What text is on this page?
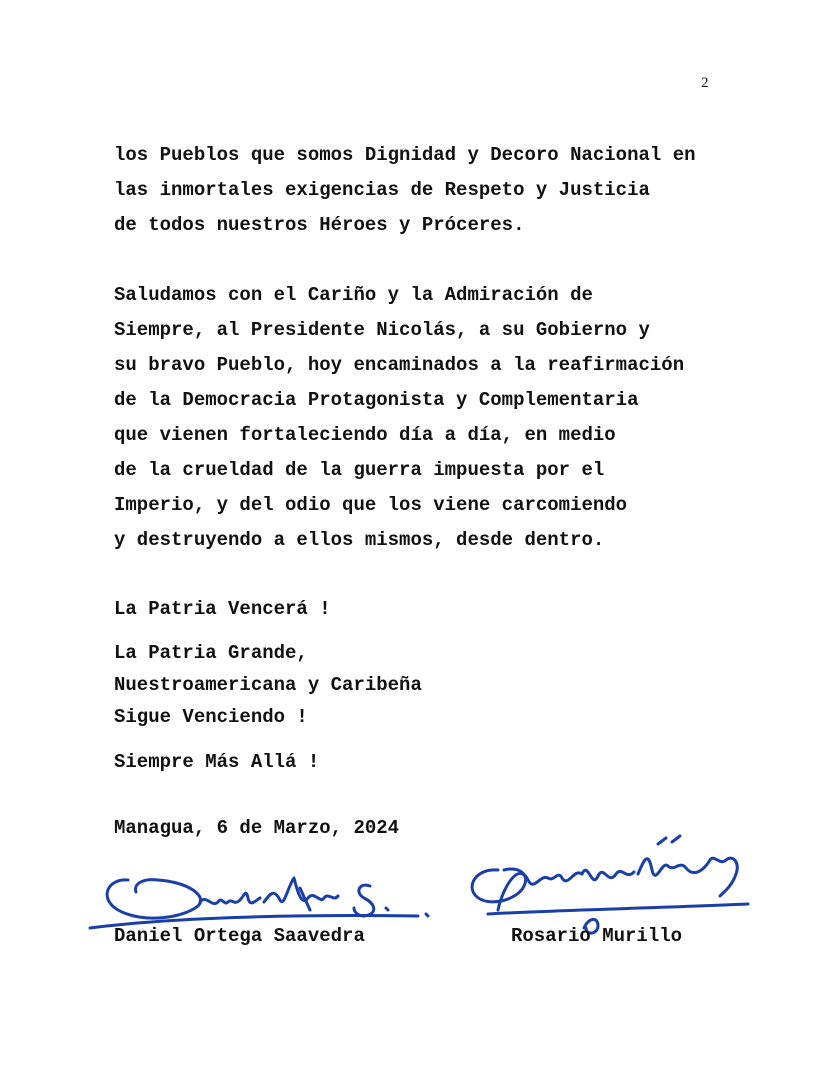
2

los Pueblos que somos Dignidad y Decoro Nacional en
las inmortales exigencias de Respeto y Justicia
de todos nuestros Héroes y Próceres.

Saludamos con el Cariño y la Admiración de
Siempre, al Presidente Nicolás, a su Gobierno y
su bravo Pueblo, hoy encaminados a la reafirmación
de la Democracia Protagonista y Complementaria
que vienen fortaleciendo día a día, en medio
de la crueldad de la guerra impuesta por el
Imperio, y del odio que los viene carcomiendo
y destruyendo a ellos mismos, desde dentro.

La Patria Vencerá !

La Patria Grande,
Nuestroamericana y Caribeña
Sigue Venciendo !

Siempre Más Allá !

Managua, 6 de Marzo, 2024
Daniel Ortega Saavedra	Rosario Murillo
